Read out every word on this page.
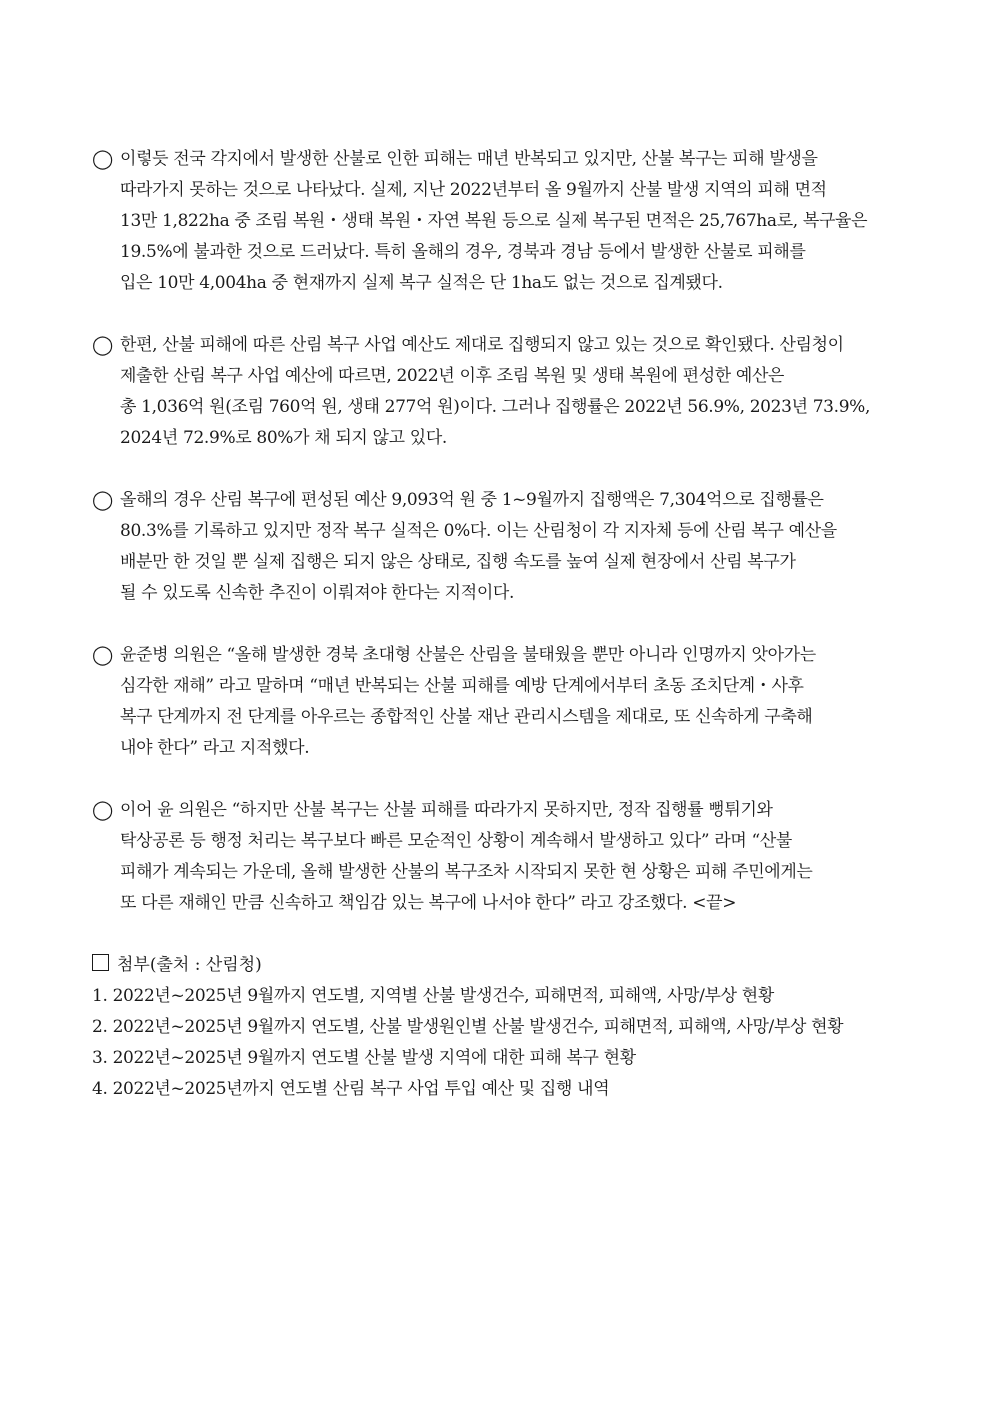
◯ 이렇듯 전국 각지에서 발생한 산불로 인한 피해는 매년 반복되고 있지만, 산불 복구는 피해 발생을
따라가지 못하는 것으로 나타났다. 실제, 지난 2022년부터 올 9월까지 산불 발생 지역의 피해 면적
13만 1,822ha 중 조림 복원・생태 복원・자연 복원 등으로 실제 복구된 면적은 25,767ha로, 복구율은
19.5%에 불과한 것으로 드러났다. 특히 올해의 경우, 경북과 경남 등에서 발생한 산불로 피해를
입은 10만 4,004ha 중 현재까지 실제 복구 실적은 단 1ha도 없는 것으로 집계됐다.
◯ 한편, 산불 피해에 따른 산림 복구 사업 예산도 제대로 집행되지 않고 있는 것으로 확인됐다. 산림청이
제출한 산림 복구 사업 예산에 따르면, 2022년 이후 조림 복원 및 생태 복원에 편성한 예산은
총 1,036억 원(조림 760억 원, 생태 277억 원)이다. 그러나 집행률은 2022년 56.9%, 2023년 73.9%,
2024년 72.9%로 80%가 채 되지 않고 있다.
◯ 올해의 경우 산림 복구에 편성된 예산 9,093억 원 중 1~9월까지 집행액은 7,304억으로 집행률은
80.3%를 기록하고 있지만 정작 복구 실적은 0%다. 이는 산림청이 각 지자체 등에 산림 복구 예산을
배분만 한 것일 뿐 실제 집행은 되지 않은 상태로, 집행 속도를 높여 실제 현장에서 산림 복구가
될 수 있도록 신속한 추진이 이뤄져야 한다는 지적이다.
◯ 윤준병 의원은 “올해 발생한 경북 초대형 산불은 산림을 불태웠을 뿐만 아니라 인명까지 앗아가는
심각한 재해” 라고 말하며 “매년 반복되는 산불 피해를 예방 단계에서부터 초동 조치단계・사후
복구 단계까지 전 단계를 아우르는 종합적인 산불 재난 관리시스템을 제대로, 또 신속하게 구축해
내야 한다” 라고 지적했다.
◯ 이어 윤 의원은 “하지만 산불 복구는 산불 피해를 따라가지 못하지만, 정작 집행률 뻥튀기와
탁상공론 등 행정 처리는 복구보다 빠른 모순적인 상황이 계속해서 발생하고 있다” 라며 “산불
피해가 계속되는 가운데, 올해 발생한 산불의 복구조차 시작되지 못한 현 상황은 피해 주민에게는
또 다른 재해인 만큼 신속하고 책임감 있는 복구에 나서야 한다” 라고 강조했다. <끝>
첨부(출처 : 산림청)
1. 2022년~2025년 9월까지 연도별, 지역별 산불 발생건수, 피해면적, 피해액, 사망/부상 현황
2. 2022년~2025년 9월까지 연도별, 산불 발생원인별 산불 발생건수, 피해면적, 피해액, 사망/부상 현황
3. 2022년~2025년 9월까지 연도별 산불 발생 지역에 대한 피해 복구 현황
4. 2022년~2025년까지 연도별 산림 복구 사업 투입 예산 및 집행 내역
